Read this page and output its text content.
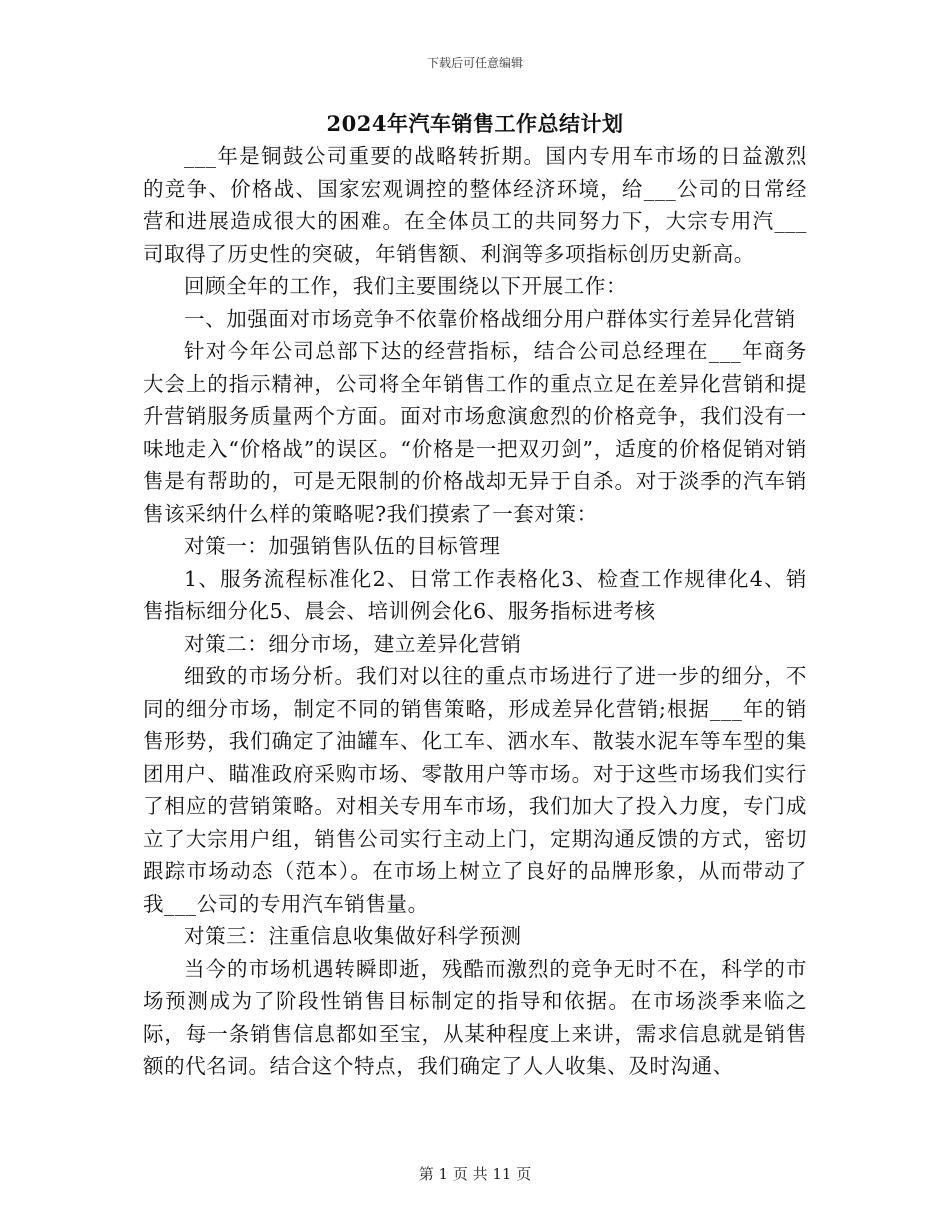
下载后可任意编辑
2024年汽车销售工作总结计划

___年是铜鼓公司重要的战略转折期。国内专用车市场的日益激烈的竞争、价格战、国家宏观调控的整体经济环境，给___公司的日常经营和进展造成很大的困难。在全体员工的共同努力下，大宗专用汽___司取得了历史性的突破，年销售额、利润等多项指标创历史新高。

回顾全年的工作，我们主要围绕以下开展工作：

一、加强面对市场竞争不依靠价格战细分用户群体实行差异化营销

针对今年公司总部下达的经营指标，结合公司总经理在___年商务大会上的指示精神，公司将全年销售工作的重点立足在差异化营销和提升营销服务质量两个方面。面对市场愈演愈烈的价格竞争，我们没有一味地走入“价格战”的误区。“价格是一把双刃剑”，适度的价格促销对销售是有帮助的，可是无限制的价格战却无异于自杀。对于淡季的汽车销售该采纳什么样的策略呢?我们摸索了一套对策：

对策一：加强销售队伍的目标管理

1、服务流程标准化2、日常工作表格化3、检查工作规律化4、销售指标细分化5、晨会、培训例会化6、服务指标进考核

对策二：细分市场，建立差异化营销

细致的市场分析。我们对以往的重点市场进行了进一步的细分，不同的细分市场，制定不同的销售策略，形成差异化营销;根据___年的销售形势，我们确定了油罐车、化工车、洒水车、散装水泥车等车型的集团用户、瞄准政府采购市场、零散用户等市场。对于这些市场我们实行了相应的营销策略。对相关专用车市场，我们加大了投入力度，专门成立了大宗用户组，销售公司实行主动上门，定期沟通反馈的方式，密切跟踪市场动态（范本）。在市场上树立了良好的品牌形象，从而带动了我___公司的专用汽车销售量。

对策三：注重信息收集做好科学预测

当今的市场机遇转瞬即逝，残酷而激烈的竞争无时不在，科学的市场预测成为了阶段性销售目标制定的指导和依据。在市场淡季来临之际，每一条销售信息都如至宝，从某种程度上来讲，需求信息就是销售额的代名词。结合这个特点，我们确定了人人收集、及时沟通、

第 1 页 共 11 页
